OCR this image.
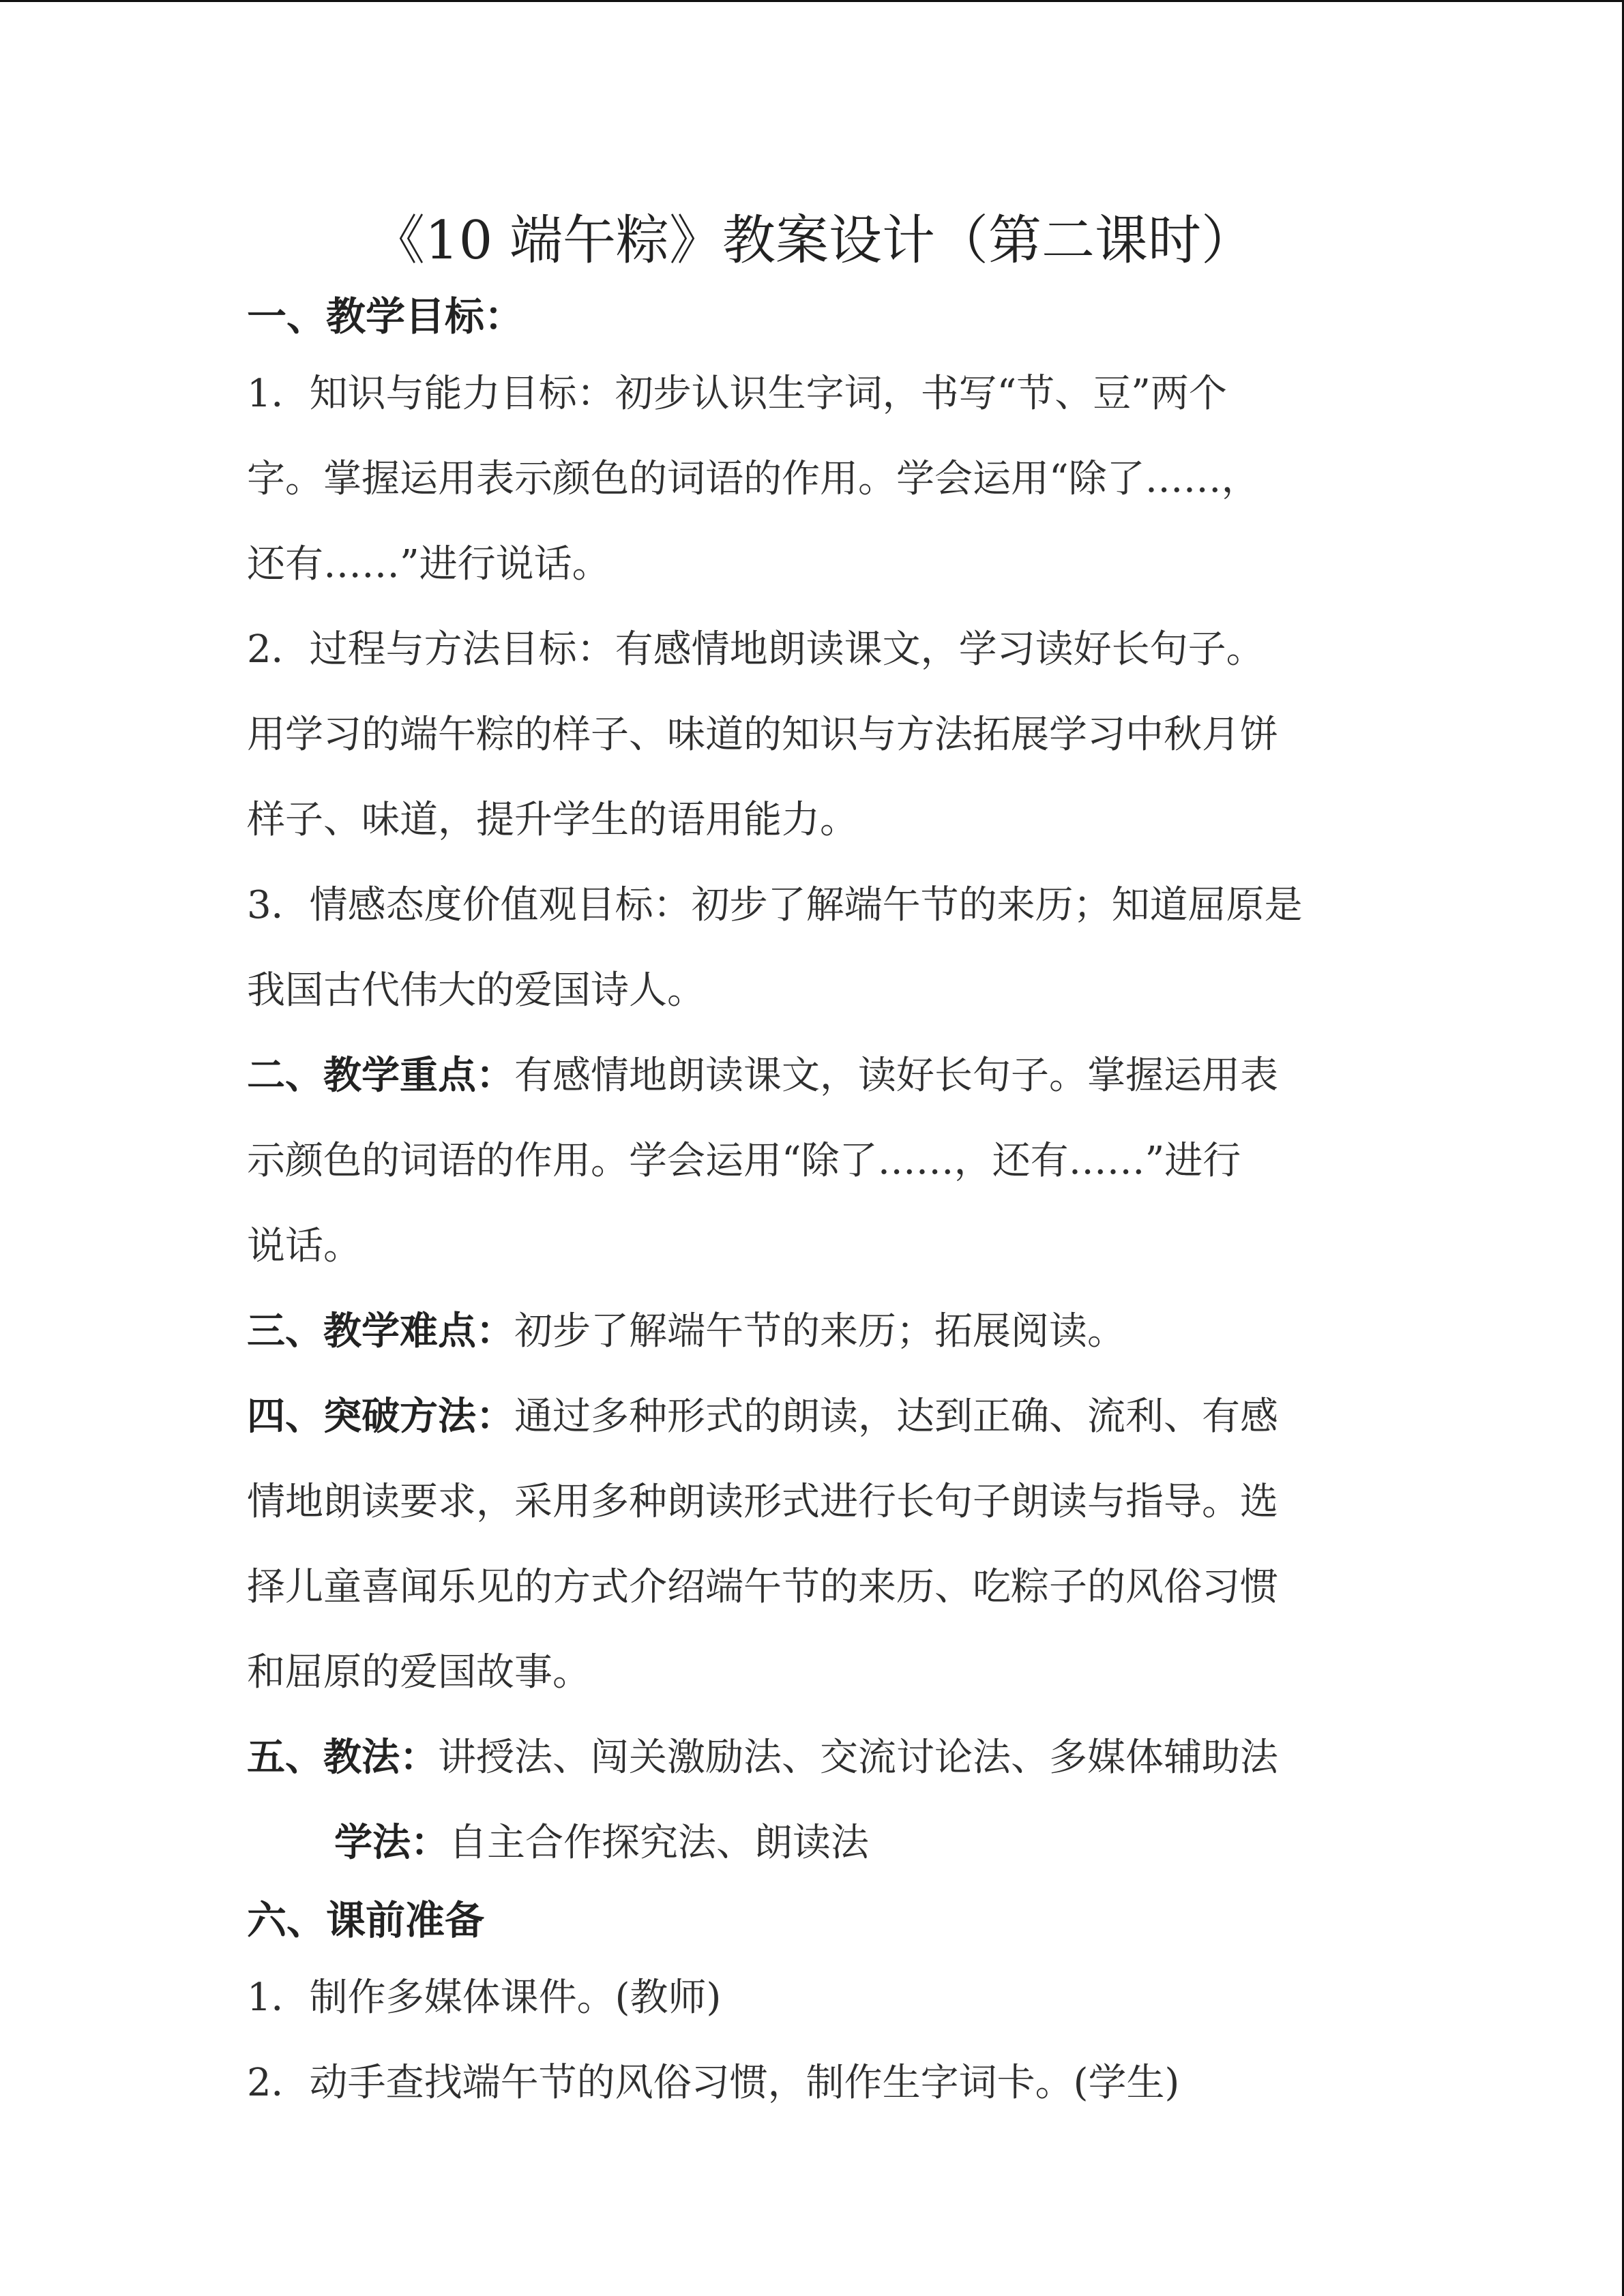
《10 端午粽》教案设计（第二课时）
一、教学目标：
1．知识与能力目标：初步认识生字词，书写“节、豆”两个
字。掌握运用表示颜色的词语的作用。学会运用“除了……，
还有……”进行说话。
2．过程与方法目标：有感情地朗读课文，学习读好长句子。
用学习的端午粽的样子、味道的知识与方法拓展学习中秋月饼
样子、味道，提升学生的语用能力。
3．情感态度价值观目标：初步了解端午节的来历；知道屈原是
我国古代伟大的爱国诗人。
二、教学重点：有感情地朗读课文，读好长句子。掌握运用表
示颜色的词语的作用。学会运用“除了……，还有……”进行
说话。
三、教学难点：初步了解端午节的来历；拓展阅读。
四、突破方法：通过多种形式的朗读，达到正确、流利、有感
情地朗读要求，采用多种朗读形式进行长句子朗读与指导。选
择儿童喜闻乐见的方式介绍端午节的来历、吃粽子的风俗习惯
和屈原的爱国故事。
五、教法：讲授法、闯关激励法、交流讨论法、多媒体辅助法
学法：自主合作探究法、朗读法
六、课前准备
1．制作多媒体课件。(教师)
2．动手查找端午节的风俗习惯，制作生字词卡。(学生)
